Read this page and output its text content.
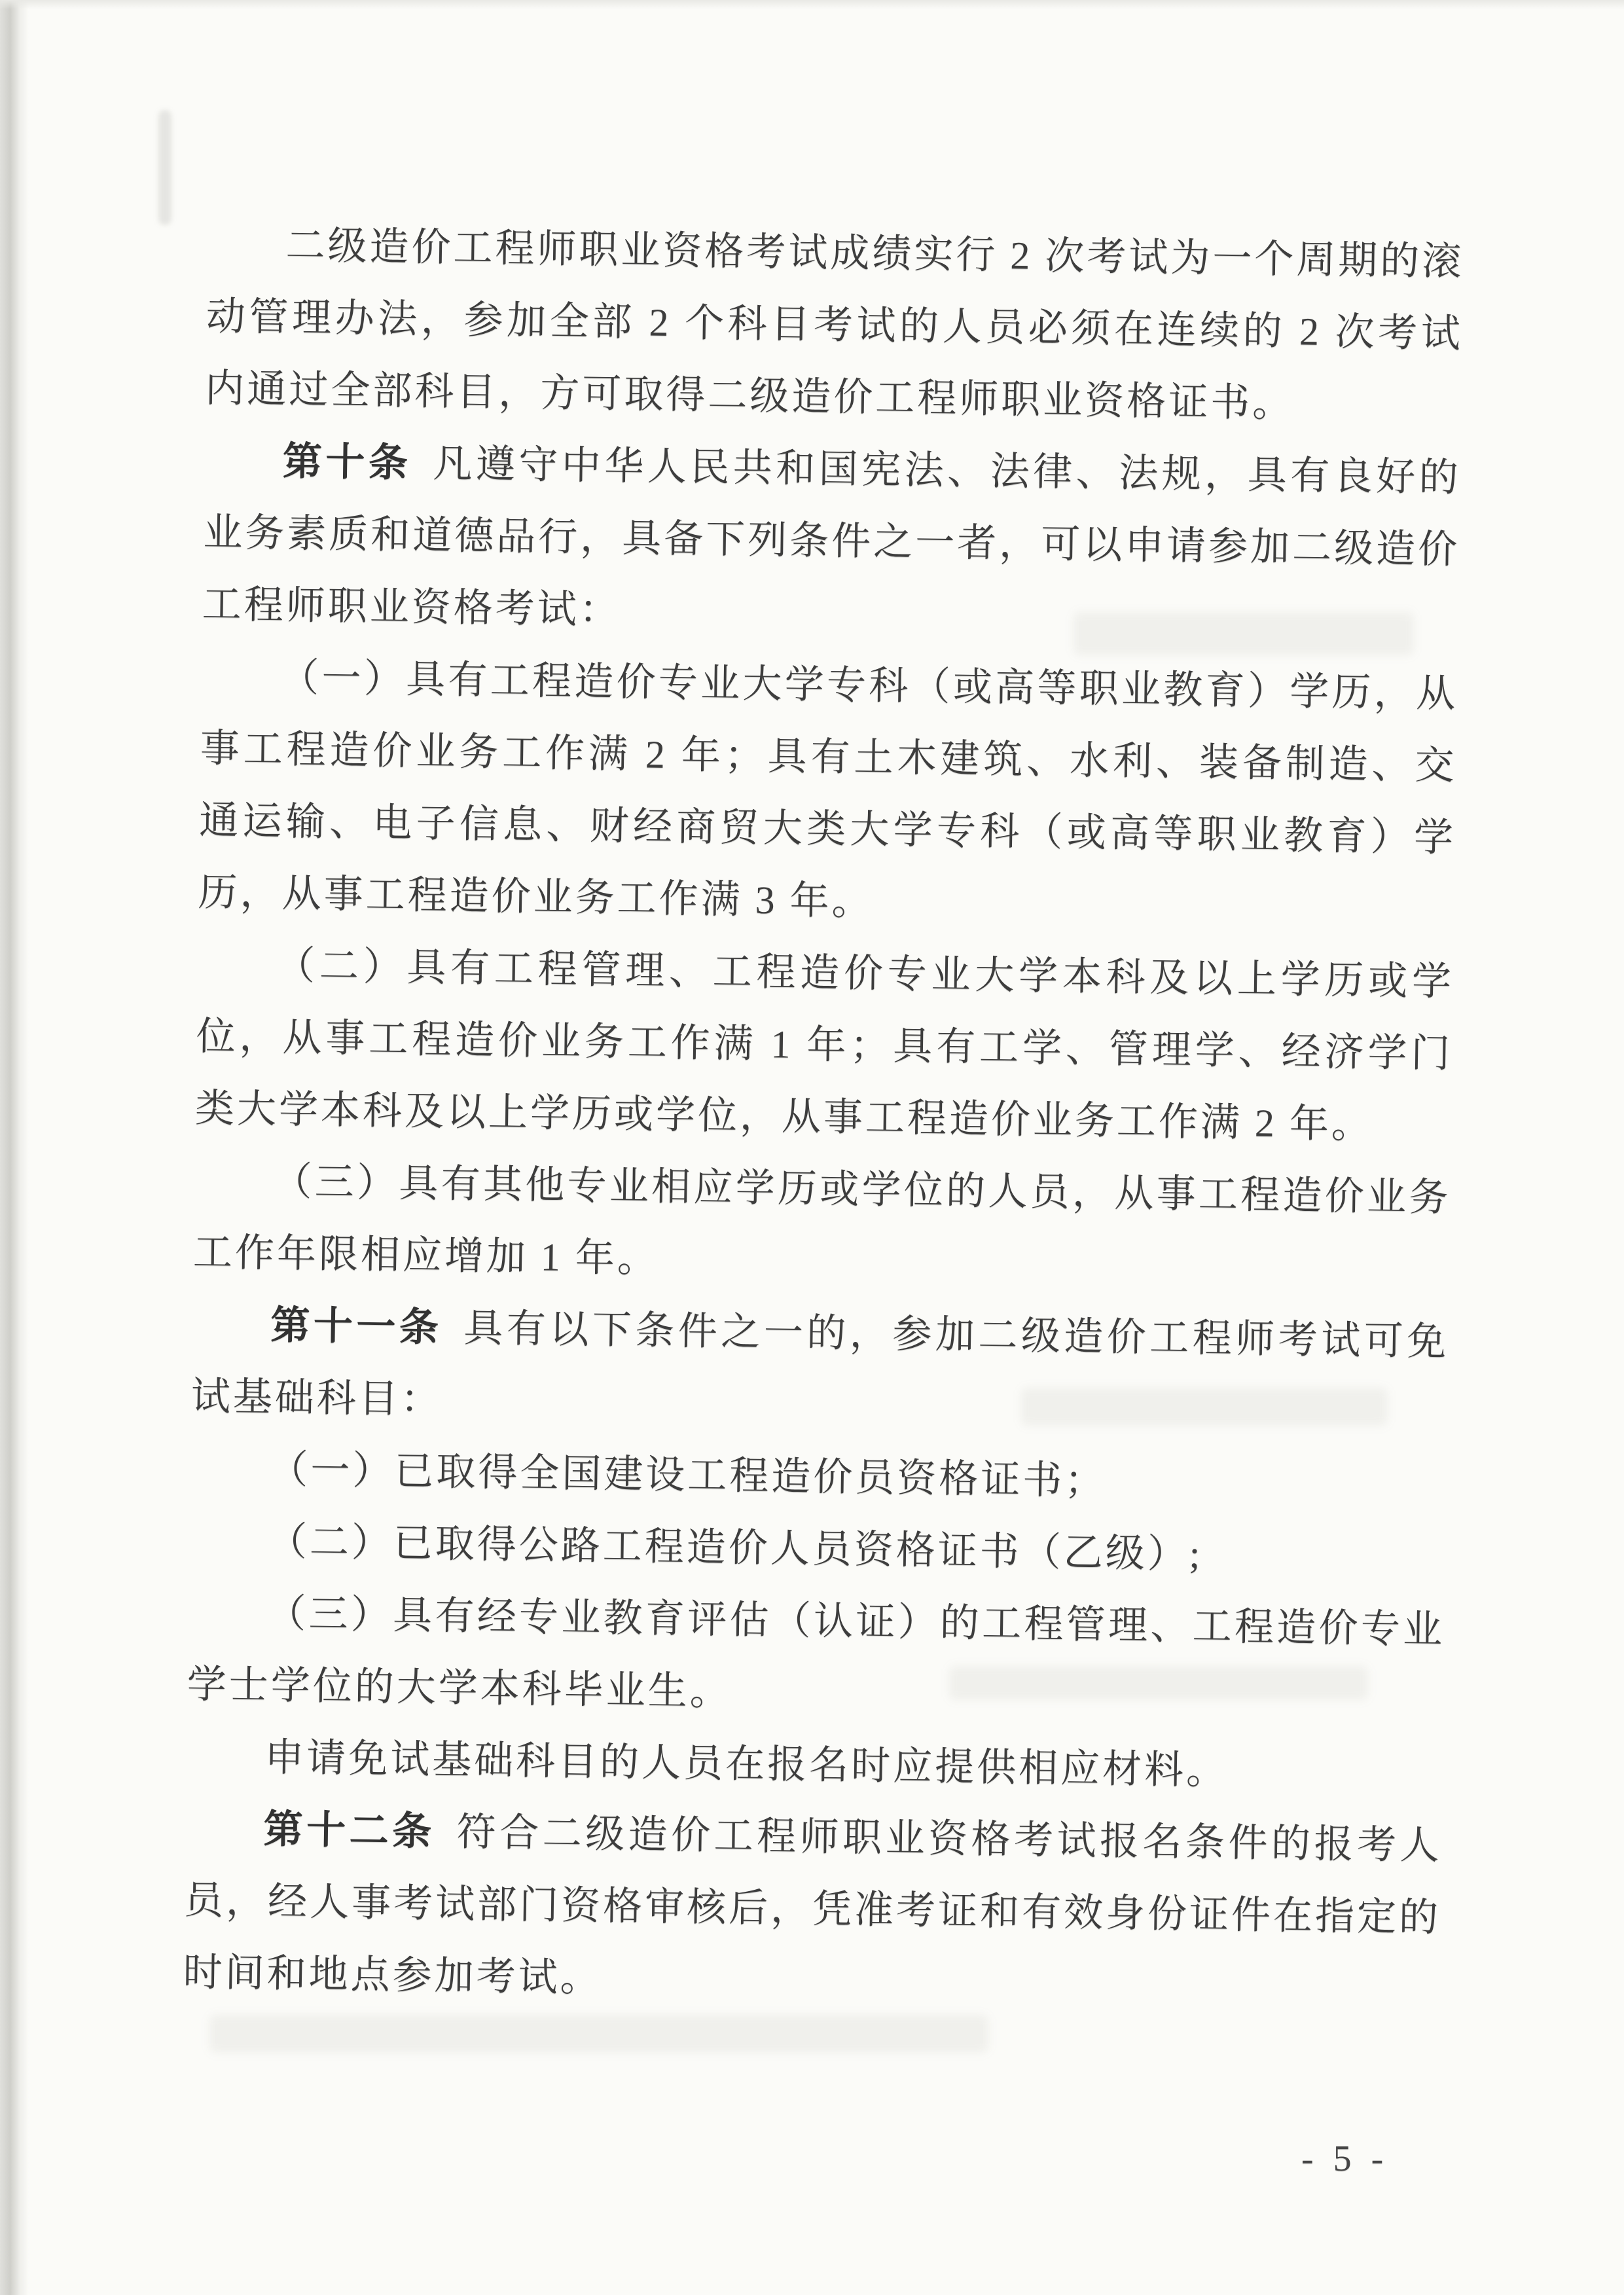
二级造价工程师职业资格考试成绩实行 2 次考试为一个周期的滚动管理办法，参加全部 2 个科目考试的人员必须在连续的 2 次考试内通过全部科目，方可取得二级造价工程师职业资格证书。

第十条 凡遵守中华人民共和国宪法、法律、法规，具有良好的业务素质和道德品行，具备下列条件之一者，可以申请参加二级造价工程师职业资格考试：

（一）具有工程造价专业大学专科（或高等职业教育）学历，从事工程造价业务工作满 2 年；具有土木建筑、水利、装备制造、交通运输、电子信息、财经商贸大类大学专科（或高等职业教育）学历，从事工程造价业务工作满 3 年。

（二）具有工程管理、工程造价专业大学本科及以上学历或学位，从事工程造价业务工作满 1 年；具有工学、管理学、经济学门类大学本科及以上学历或学位，从事工程造价业务工作满 2 年。

（三）具有其他专业相应学历或学位的人员，从事工程造价业务工作年限相应增加 1 年。

第十一条 具有以下条件之一的，参加二级造价工程师考试可免试基础科目：

（一）已取得全国建设工程造价员资格证书；

（二）已取得公路工程造价人员资格证书（乙级）;

（三）具有经专业教育评估（认证）的工程管理、工程造价专业学士学位的大学本科毕业生。

申请免试基础科目的人员在报名时应提供相应材料。

第十二条 符合二级造价工程师职业资格考试报名条件的报考人员，经人事考试部门资格审核后，凭准考证和有效身份证件在指定的时间和地点参加考试。

- 5 -
